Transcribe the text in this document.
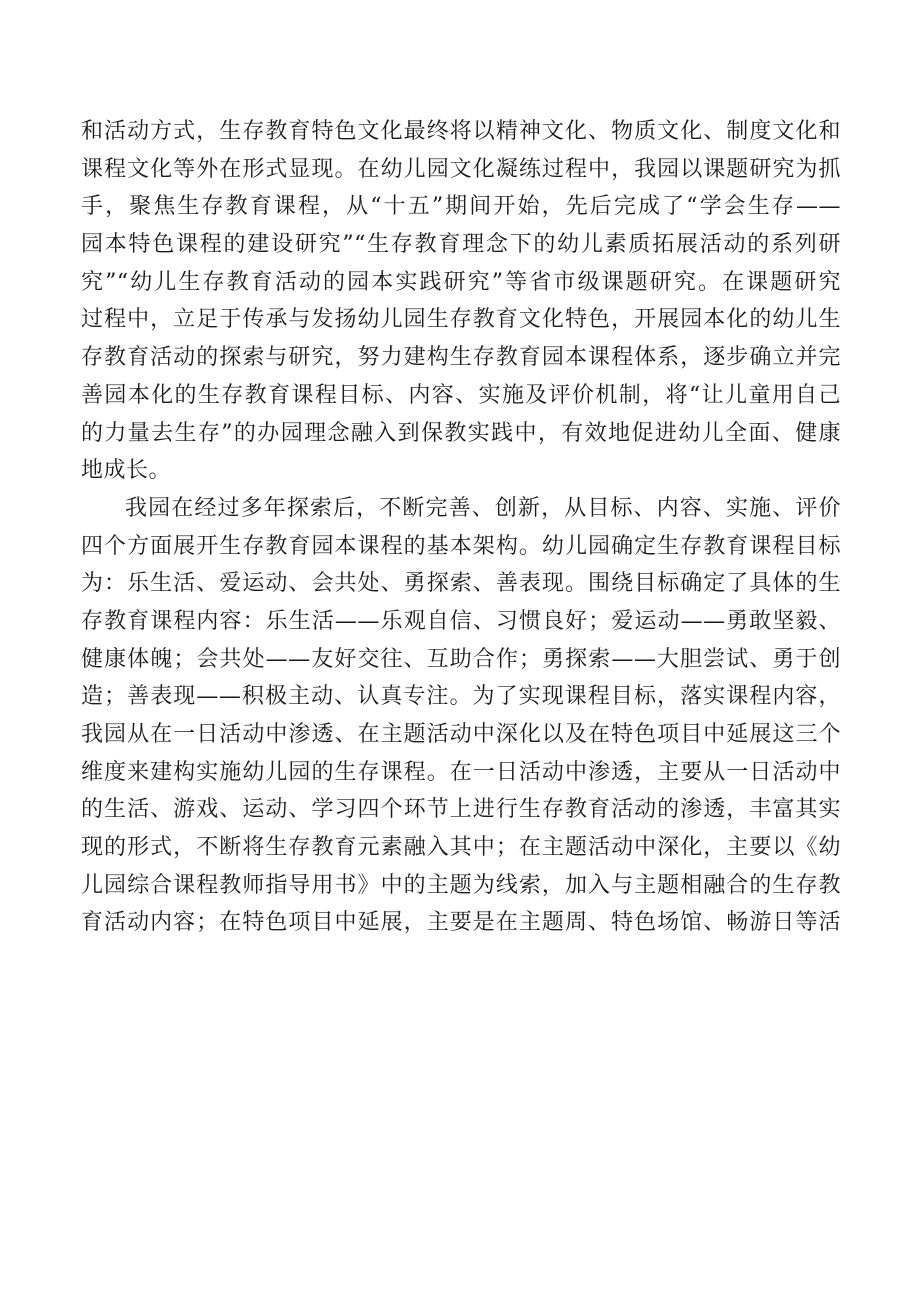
和活动方式，生存教育特色文化最终将以精神文化、物质文化、制度文化和
课程文化等外在形式显现。在幼儿园文化凝练过程中，我园以课题研究为抓
手，聚焦生存教育课程，从“十五”期间开始，先后完成了“学会生存——
园本特色课程的建设研究”“生存教育理念下的幼儿素质拓展活动的系列研
究”“幼儿生存教育活动的园本实践研究”等省市级课题研究。在课题研究
过程中，立足于传承与发扬幼儿园生存教育文化特色，开展园本化的幼儿生
存教育活动的探索与研究，努力建构生存教育园本课程体系，逐步确立并完
善园本化的生存教育课程目标、内容、实施及评价机制，将“让儿童用自己
的力量去生存”的办园理念融入到保教实践中，有效地促进幼儿全面、健康
地成长。
我园在经过多年探索后，不断完善、创新，从目标、内容、实施、评价
四个方面展开生存教育园本课程的基本架构。幼儿园确定生存教育课程目标
为：乐生活、爱运动、会共处、勇探索、善表现。围绕目标确定了具体的生
存教育课程内容：乐生活——乐观自信、习惯良好；爱运动——勇敢坚毅、
健康体魄；会共处——友好交往、互助合作；勇探索——大胆尝试、勇于创
造；善表现——积极主动、认真专注。为了实现课程目标，落实课程内容，
我园从在一日活动中渗透、在主题活动中深化以及在特色项目中延展这三个
维度来建构实施幼儿园的生存课程。在一日活动中渗透，主要从一日活动中
的生活、游戏、运动、学习四个环节上进行生存教育活动的渗透，丰富其实
现的形式，不断将生存教育元素融入其中；在主题活动中深化，主要以《幼
儿园综合课程教师指导用书》中的主题为线索，加入与主题相融合的生存教
育活动内容；在特色项目中延展，主要是在主题周、特色场馆、畅游日等活
